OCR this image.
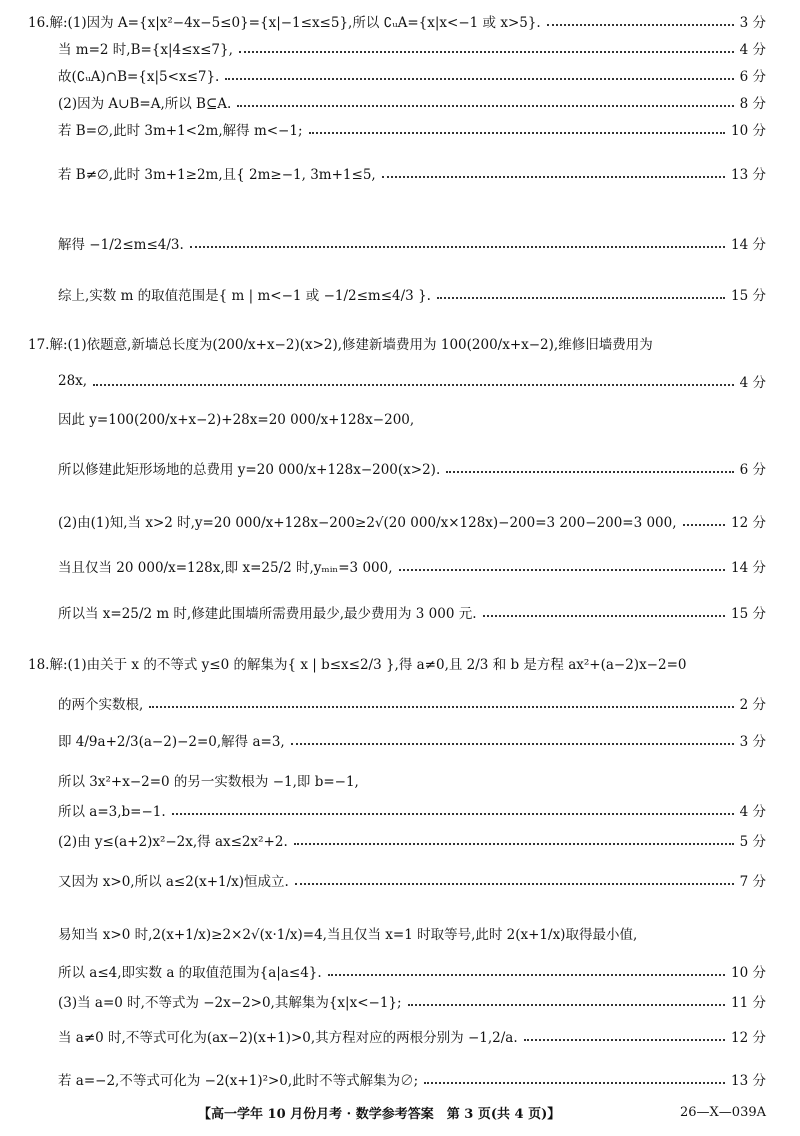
16.解:(1)因为 A={x|x²−4x−5≤0}={x|−1≤x≤5},所以 ∁ᵤA={x|x<−1 或 x>5}.	3 分
当 m=2 时,B={x|4≤x≤7},	4 分
故(∁ᵤA)∩B={x|5<x≤7}.	6 分
(2)因为 A∪B=A,所以 B⊆A.	8 分
若 B=∅,此时 3m+1<2m,解得 m<−1;	10 分
若 B≠∅,此时 3m+1≥2m,且{ 2m≥−1, 3m+1≤5,	13 分
解得 −1/2≤m≤4/3.	14 分
综上,实数 m 的取值范围是{ m | m<−1 或 −1/2≤m≤4/3 }.	15 分
17.解:(1)依题意,新墙总长度为(200/x+x−2)(x>2),修建新墙费用为 100(200/x+x−2),维修旧墙费用为
28x,	4 分
因此 y=100(200/x+x−2)+28x=20 000/x+128x−200,
所以修建此矩形场地的总费用 y=20 000/x+128x−200(x>2).	6 分
(2)由(1)知,当 x>2 时,y=20 000/x+128x−200≥2√(20 000/x×128x)−200=3 200−200=3 000,	12 分
当且仅当 20 000/x=128x,即 x=25/2 时,yₘᵢₙ=3 000,	14 分
所以当 x=25/2 m 时,修建此围墙所需费用最少,最少费用为 3 000 元.	15 分
18.解:(1)由关于 x 的不等式 y≤0 的解集为{ x | b≤x≤2/3 },得 a≠0,且 2/3 和 b 是方程 ax²+(a−2)x−2=0
的两个实数根,	2 分
即 4/9a+2/3(a−2)−2=0,解得 a=3,	3 分
所以 3x²+x−2=0 的另一实数根为 −1,即 b=−1,
所以 a=3,b=−1.	4 分
(2)由 y≤(a+2)x²−2x,得 ax≤2x²+2.	5 分
又因为 x>0,所以 a≤2(x+1/x)恒成立.	7 分
易知当 x>0 时,2(x+1/x)≥2×2√(x·1/x)=4,当且仅当 x=1 时取等号,此时 2(x+1/x)取得最小值,
所以 a≤4,即实数 a 的取值范围为{a|a≤4}.	10 分
(3)当 a=0 时,不等式为 −2x−2>0,其解集为{x|x<−1};	11 分
当 a≠0 时,不等式可化为(ax−2)(x+1)>0,其方程对应的两根分别为 −1,2/a.	12 分
若 a=−2,不等式可化为 −2(x+1)²>0,此时不等式解集为∅;	13 分
【高一学年 10 月份月考 · 数学参考答案　第 3 页(共 4 页)】	26—X—039A
